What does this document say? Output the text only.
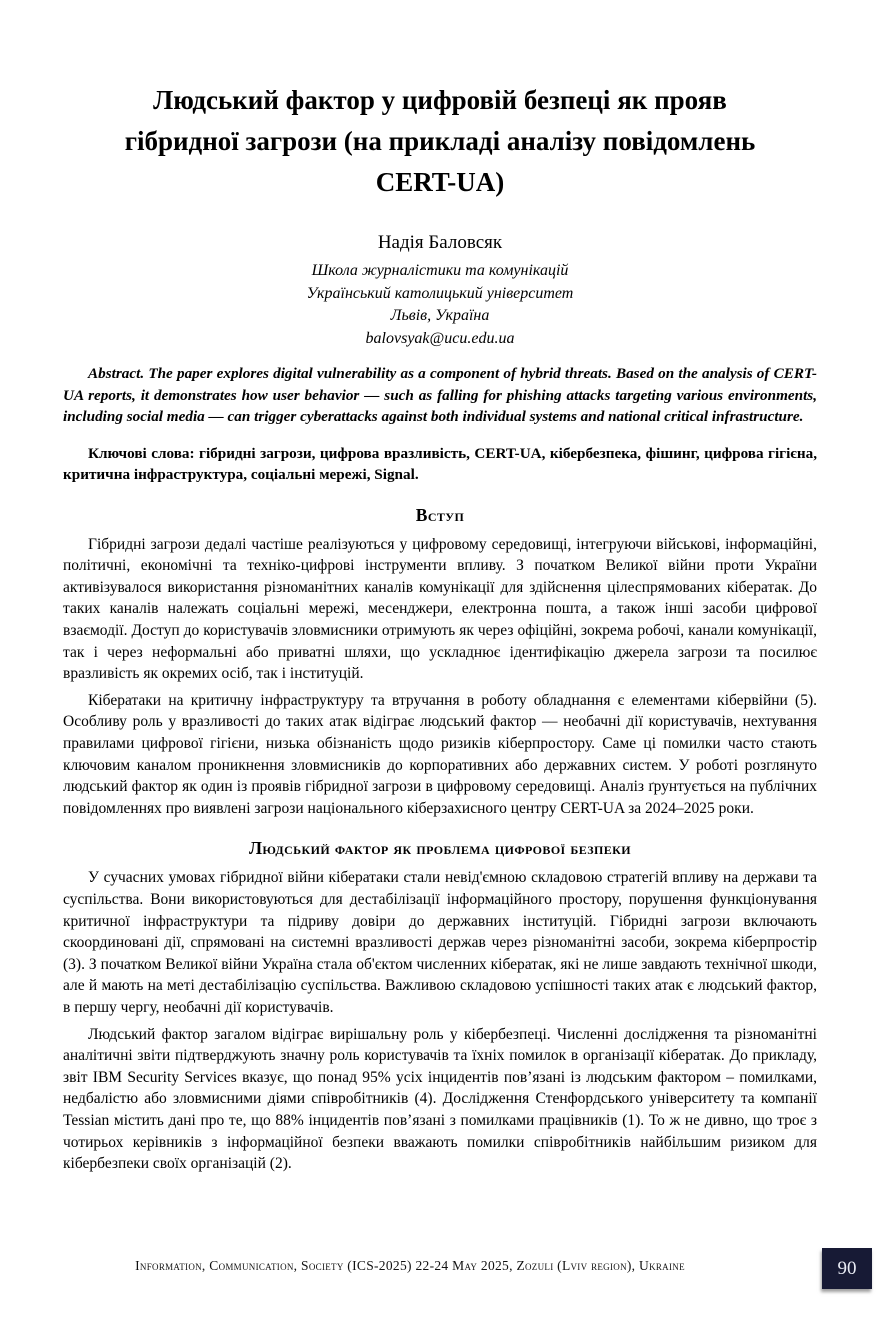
Людський фактор у цифровій безпеці як прояв гібридної загрози (на прикладі аналізу повідомлень CERT-UA)
Надія Баловсяк
Школа журналістики та комунікацій
Український католицький університет
Львів, Україна
balovsyak@ucu.edu.ua

Abstract. The paper explores digital vulnerability as a component of hybrid threats. Based on the analysis of CERT-UA reports, it demonstrates how user behavior — such as falling for phishing attacks targeting various environments, including social media — can trigger cyberattacks against both individual systems and national critical infrastructure.

Ключові слова: гібридні загрози, цифрова вразливість, CERT-UA, кібербезпека, фішинг, цифрова гігієна, критична інфраструктура, соціальні мережі, Signal.

Вступ

Гібридні загрози дедалі частіше реалізуються у цифровому середовищі, інтегруючи військові, інформаційні, політичні, економічні та техніко-цифрові інструменти впливу. З початком Великої війни проти України активізувалося використання різноманітних каналів комунікації для здійснення цілеспрямованих кібератак. До таких каналів належать соціальні мережі, месенджери, електронна пошта, а також інші засоби цифрової взаємодії. Доступ до користувачів зловмисники отримують як через офіційні, зокрема робочі, канали комунікації, так і через неформальні або приватні шляхи, що ускладнює ідентифікацію джерела загрози та посилює вразливість як окремих осіб, так і інституцій.

Кібератаки на критичну інфраструктуру та втручання в роботу обладнання є елементами кібервійни (5). Особливу роль у вразливості до таких атак відіграє людський фактор — необачні дії користувачів, нехтування правилами цифрової гігієни, низька обізнаність щодо ризиків кіберпростору. Саме ці помилки часто стають ключовим каналом проникнення зловмисників до корпоративних або державних систем. У роботі розглянуто людський фактор як один із проявів гібридної загрози в цифровому середовищі. Аналіз ґрунтується на публічних повідомленнях про виявлені загрози національного кіберзахисного центру CERT-UA за 2024–2025 роки.

Людський фактор як проблема цифрової безпеки

У сучасних умовах гібридної війни кібератаки стали невід'ємною складовою стратегій впливу на держави та суспільства. Вони використовуються для дестабілізації інформаційного простору, порушення функціонування критичної інфраструктури та підриву довіри до державних інституцій. Гібридні загрози включають скоординовані дії, спрямовані на системні вразливості держав через різноманітні засоби, зокрема кіберпростір (3). З початком Великої війни Україна стала об'єктом численних кібератак, які не лише завдають технічної шкоди, але й мають на меті дестабілізацію суспільства. Важливою складовою успішності таких атак є людський фактор, в першу чергу, необачні дії користувачів.

Людський фактор загалом відіграє вирішальну роль у кібербезпеці. Численні дослідження та різноманітні аналітичні звіти підтверджують значну роль користувачів та їхніх помилок в організації кібератак. До прикладу, звіт IBM Security Services вказує, що понад 95% усіх інцидентів пов’язані із людським фактором – помилками, недбалістю або зловмисними діями співробітників (4). Дослідження Стенфордського університету та компанії Tessian містить дані про те, що 88% інцидентів пов’язані з помилками працівників (1). То ж не дивно, що троє з чотирьох керівників з інформаційної безпеки вважають помилки співробітників найбільшим ризиком для кібербезпеки своїх організацій (2).

Information, Communication, Society (ICS-2025) 22-24 May 2025, Zozuli (Lviv region), Ukraine	90
